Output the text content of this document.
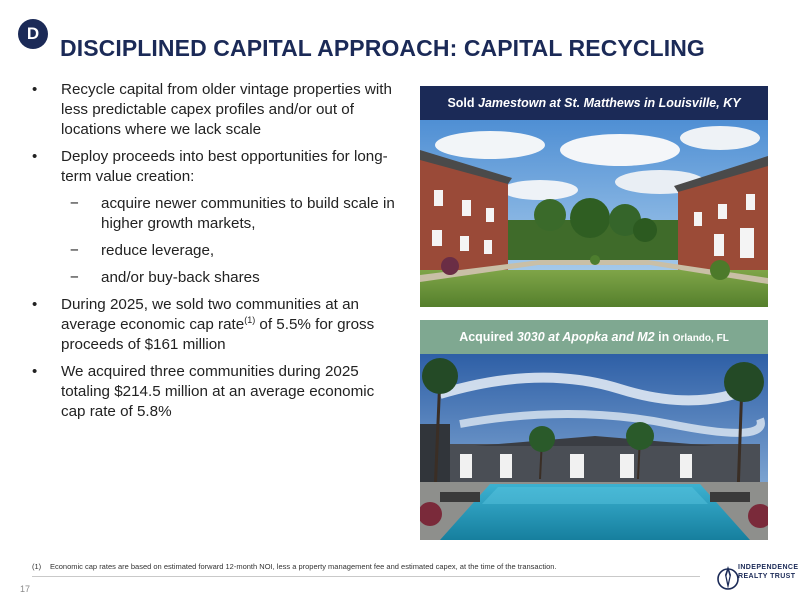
D
DISCIPLINED CAPITAL APPROACH: CAPITAL RECYCLING
• Recycle capital from older vintage properties with less predictable capex profiles and/or out of locations where we lack scale
• Deploy proceeds into best opportunities for long-term value creation:
− acquire newer communities to build scale in higher growth markets,
− reduce leverage,
− and/or buy-back shares
• During 2025, we sold two communities at an average economic cap rate$^{(1)}$ of 5.5% for gross proceeds of $161 million
• We acquired three communities during 2025 totaling $214.5 million at an average economic cap rate of 5.8%
Sold Jamestown at St. Matthews in Louisville, KY
Acquired 3030 at Apopka and M2 in Orlando, FL
(1) Economic cap rates are based on estimated forward 12-month NOI, less a property management fee and estimated capex, at the time of the transaction.
17
INDEPENDENCE
REALTY TRUST
